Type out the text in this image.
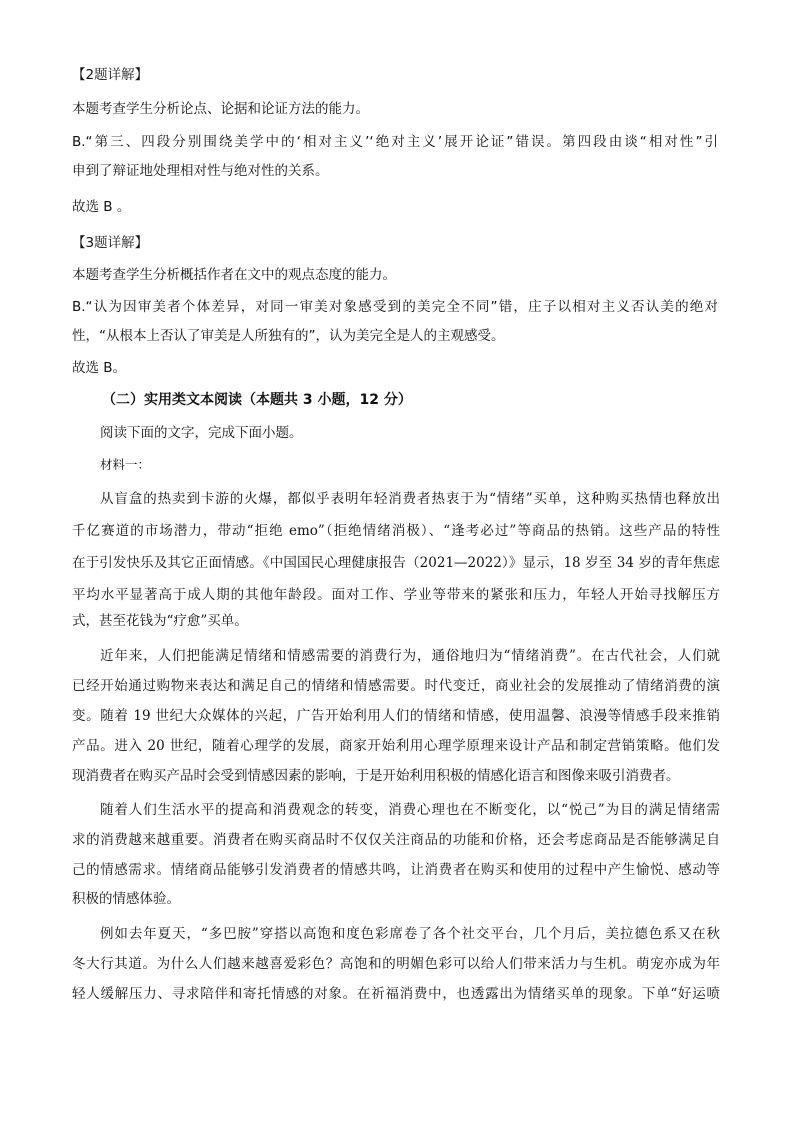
【2题详解】
本题考查学生分析论点、论据和论证方法的能力。
B.“第三、四段分别围绕美学中的‘相对主义’‘绝对主义’展开论证”错误。第四段由谈“相对性”引
申到了辩证地处理相对性与绝对性的关系。
故选 B 。
【3题详解】
本题考查学生分析概括作者在文中的观点态度的能力。
B.“认为因审美者个体差异，对同一审美对象感受到的美完全不同”错，庄子以相对主义否认美的绝对
性，“从根本上否认了审美是人所独有的”，认为美完全是人的主观感受。
故选 B。
（二）实用类文本阅读（本题共 3 小题，12 分）
阅读下面的文字，完成下面小题。
材料一：
从盲盒的热卖到卡游的火爆，都似乎表明年轻消费者热衷于为“情绪”买单，这种购买热情也释放出
千亿赛道的市场潜力，带动“拒绝 emo”（拒绝情绪消极）、“逢考必过”等商品的热销。这些产品的特性
在于引发快乐及其它正面情感。《中国国民心理健康报告（2021—2022）》显示，18 岁至 34 岁的青年焦虑
平均水平显著高于成人期的其他年龄段。面对工作、学业等带来的紧张和压力，年轻人开始寻找解压方
式，甚至花钱为“疗愈”买单。
近年来，人们把能满足情绪和情感需要的消费行为，通俗地归为“情绪消费”。在古代社会，人们就
已经开始通过购物来表达和满足自己的情绪和情感需要。时代变迁，商业社会的发展推动了情绪消费的演
变。随着 19 世纪大众媒体的兴起，广告开始利用人们的情绪和情感，使用温馨、浪漫等情感手段来推销
产品。进入 20 世纪，随着心理学的发展，商家开始利用心理学原理来设计产品和制定营销策略。他们发
现消费者在购买产品时会受到情感因素的影响，于是开始利用积极的情感化语言和图像来吸引消费者。
随着人们生活水平的提高和消费观念的转变，消费心理也在不断变化，以“悦己”为目的满足情绪需
求的消费越来越重要。消费者在购买商品时不仅仅关注商品的功能和价格，还会考虑商品是否能够满足自
己的情感需求。情绪商品能够引发消费者的情感共鸣，让消费者在购买和使用的过程中产生愉悦、感动等
积极的情感体验。
例如去年夏天，“多巴胺”穿搭以高饱和度色彩席卷了各个社交平台，几个月后，美拉德色系又在秋
冬大行其道。为什么人们越来越喜爱彩色？高饱和的明媚色彩可以给人们带来活力与生机。萌宠亦成为年
轻人缓解压力、寻求陪伴和寄托情感的对象。在祈福消费中，也透露出为情绪买单的现象。下单“好运喷
